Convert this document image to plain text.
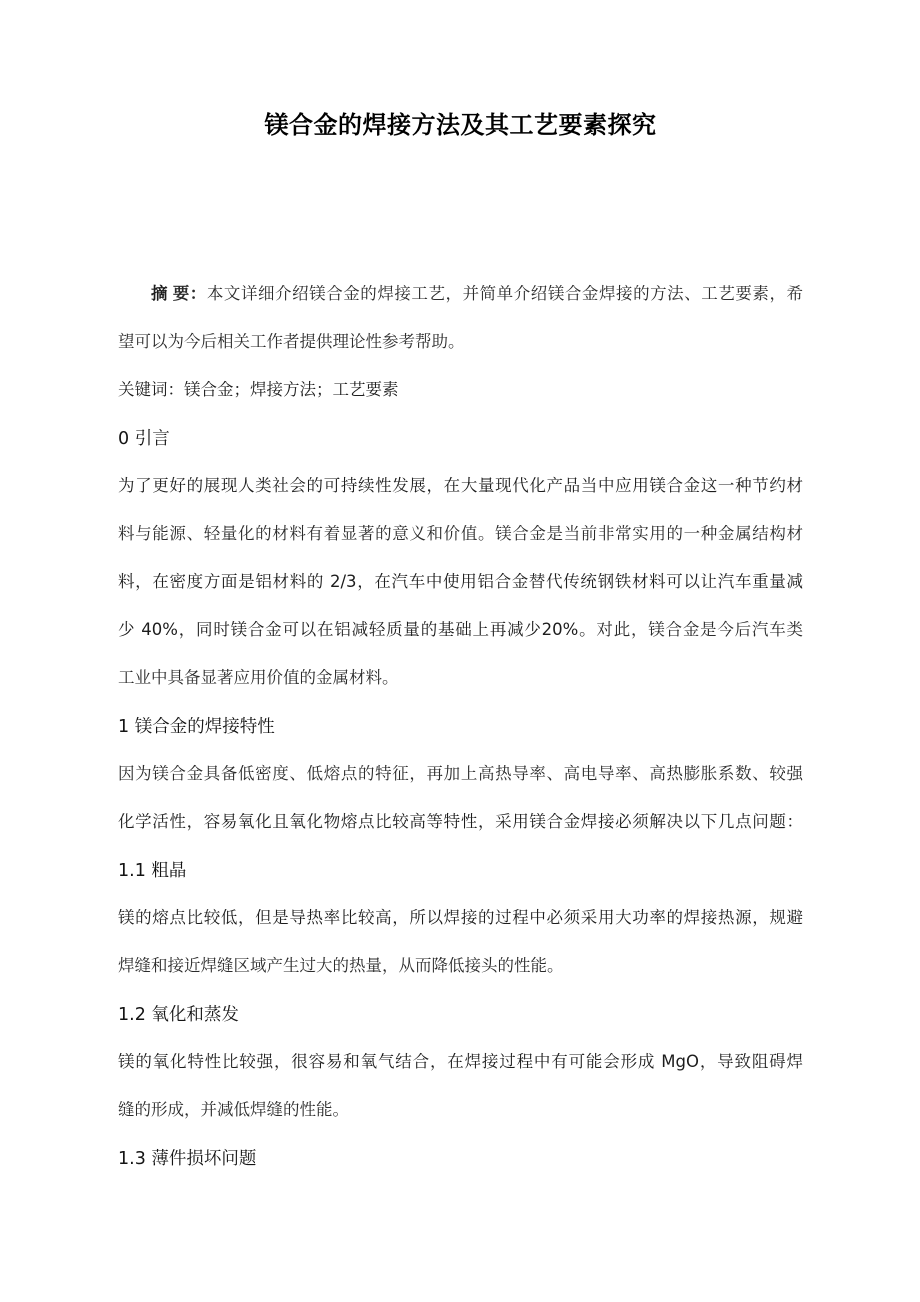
镁合金的焊接方法及其工艺要素探究
摘 要：本文详细介绍镁合金的焊接工艺，并简单介绍镁合金焊接的方法、工艺要素，希
望可以为今后相关工作者提供理论性参考帮助。
关键词：镁合金；焊接方法；工艺要素
0 引言
为了更好的展现人类社会的可持续性发展，在大量现代化产品当中应用镁合金这一种节约材
料与能源、轻量化的材料有着显著的意义和价值。镁合金是当前非常实用的一种金属结构材
料，在密度方面是铝材料的 2/3，在汽车中使用铝合金替代传统钢铁材料可以让汽车重量减
少 40%，同时镁合金可以在铝减轻质量的基础上再减少20%。对此，镁合金是今后汽车类
工业中具备显著应用价值的金属材料。
1 镁合金的焊接特性
因为镁合金具备低密度、低熔点的特征，再加上高热导率、高电导率、高热膨胀系数、较强
化学活性，容易氧化且氧化物熔点比较高等特性，采用镁合金焊接必须解决以下几点问题：
1.1 粗晶
镁的熔点比较低，但是导热率比较高，所以焊接的过程中必须采用大功率的焊接热源，规避
焊缝和接近焊缝区域产生过大的热量，从而降低接头的性能。
1.2 氧化和蒸发
镁的氧化特性比较强，很容易和氧气结合，在焊接过程中有可能会形成 MgO，导致阻碍焊
缝的形成，并减低焊缝的性能。
1.3 薄件损坏问题
